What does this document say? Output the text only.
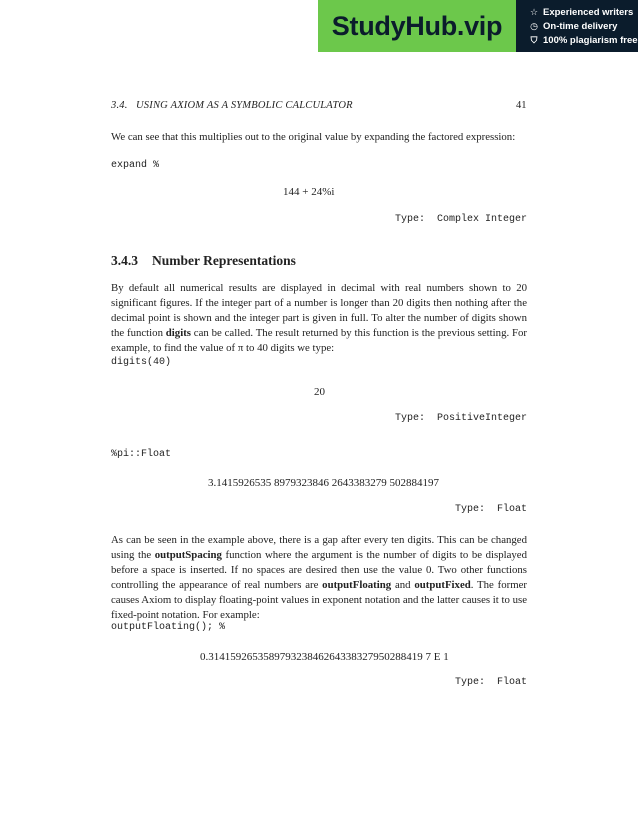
StudyHub.vip	☆ Experienced writers
◷ On-time delivery
⛉ 100% plagiarism free
3.4.   USING AXIOM AS A SYMBOLIC CALCULATOR	41
We can see that this multiplies out to the original value by expanding the factored expression:
expand %
144 + 24%i
Type:  Complex Integer
3.4.3 Number Representations
By default all numerical results are displayed in decimal with real numbers shown to 20 significant figures. If the integer part of a number is longer than 20 digits then nothing after the decimal point is shown and the integer part is given in full. To alter the number of digits shown the function digits can be called. The result returned by this function is the previous setting. For example, to find the value of π to 40 digits we type:
digits(40)
20
Type:  PositiveInteger
%pi::Float
3.1415926535 8979323846 2643383279 502884197
Type:  Float
As can be seen in the example above, there is a gap after every ten digits. This can be changed using the outputSpacing function where the argument is the number of digits to be displayed before a space is inserted. If no spaces are desired then use the value 0. Two other functions controlling the appearance of real numbers are outputFloating and outputFixed. The former causes Axiom to display floating-point values in exponent notation and the latter causes it to use fixed-point notation. For example:
outputFloating(); %
0.314159265358979323846264338327950288419 7 E 1
Type:  Float
